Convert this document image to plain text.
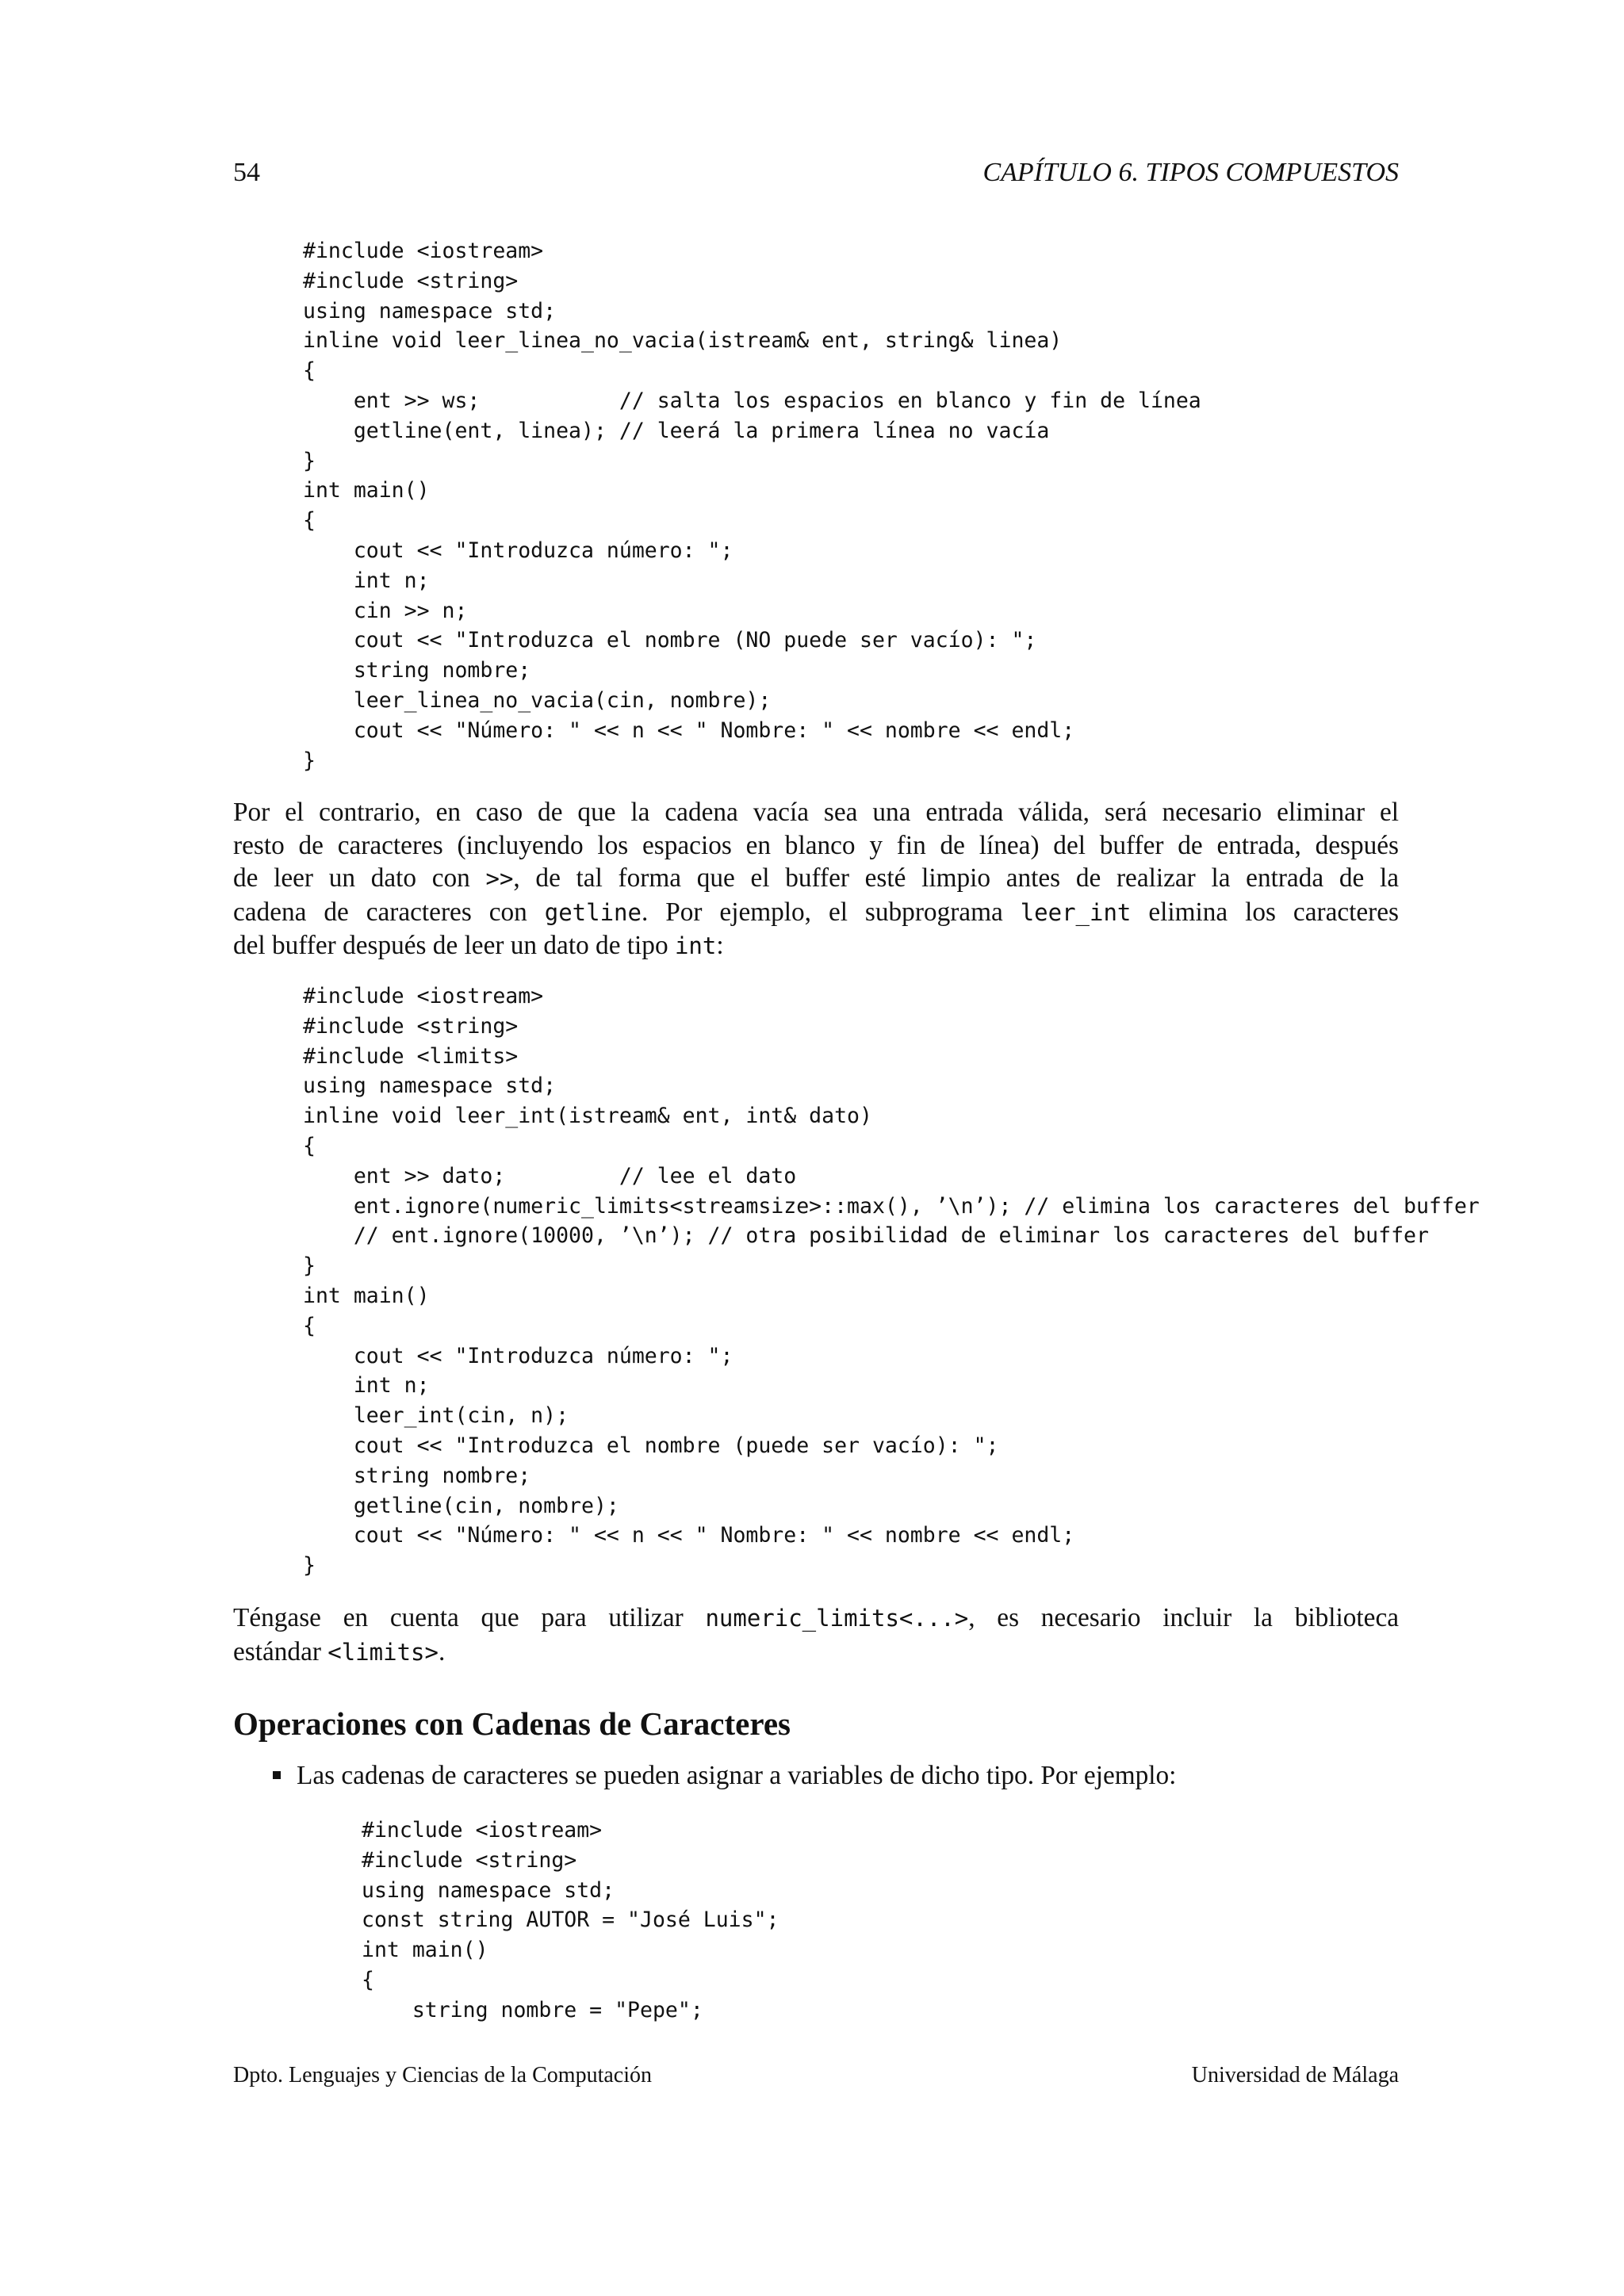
54	CAPÍTULO 6. TIPOS COMPUESTOS
#include <iostream>
#include <string>
using namespace std;
inline void leer_linea_no_vacia(istream& ent, string& linea)
{
ent >> ws;           // salta los espacios en blanco y fin de línea
getline(ent, linea); // leerá la primera línea no vacía
}
int main()
{
cout << "Introduzca número: ";
int n;
cin >> n;
cout << "Introduzca el nombre (NO puede ser vacío): ";
string nombre;
leer_linea_no_vacia(cin, nombre);
cout << "Número: " << n << " Nombre: " << nombre << endl;
}
Por el contrario, en caso de que la cadena vacía sea una entrada válida, será necesario eliminar el
resto de caracteres (incluyendo los espacios en blanco y fin de línea) del buffer de entrada, después
de leer un dato con >>, de tal forma que el buffer esté limpio antes de realizar la entrada de la
cadena de caracteres con getline. Por ejemplo, el subprograma leer_int elimina los caracteres
del buffer después de leer un dato de tipo int:
#include <iostream>
#include <string>
#include <limits>
using namespace std;
inline void leer_int(istream& ent, int& dato)
{
ent >> dato;         // lee el dato
ent.ignore(numeric_limits<streamsize>::max(), ’\n’); // elimina los caracteres del buffer
// ent.ignore(10000, ’\n’); // otra posibilidad de eliminar los caracteres del buffer
}
int main()
{
cout << "Introduzca número: ";
int n;
leer_int(cin, n);
cout << "Introduzca el nombre (puede ser vacío): ";
string nombre;
getline(cin, nombre);
cout << "Número: " << n << " Nombre: " << nombre << endl;
}
Téngase en cuenta que para utilizar numeric_limits<...>, es necesario incluir la biblioteca
estándar <limits>.
Operaciones con Cadenas de Caracteres
Las cadenas de caracteres se pueden asignar a variables de dicho tipo. Por ejemplo:
#include <iostream>
#include <string>
using namespace std;
const string AUTOR = "José Luis";
int main()
{
string nombre = "Pepe";
Dpto. Lenguajes y Ciencias de la Computación	Universidad de Málaga
